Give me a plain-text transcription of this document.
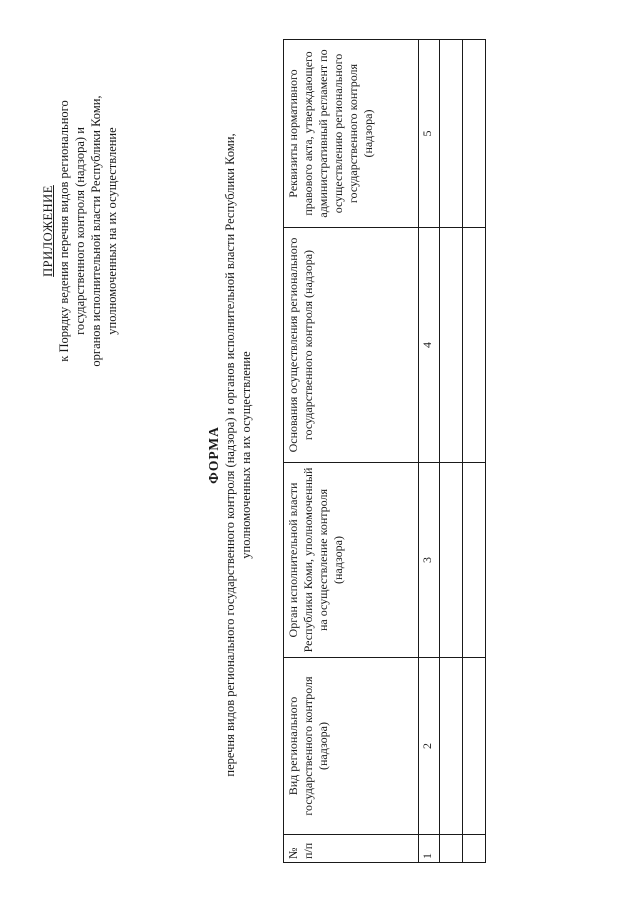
ПРИЛОЖЕНИЕ к Порядку ведения перечня видов регионального государственного контроля (надзора) и органов исполнительной власти Республики Коми, уполномоченных на их осуществление
ФОРМА перечня видов регионального государственного контроля (надзора) и органов исполнительной власти Республики Коми, уполномоченных на их осуществление
№ п/п	Вид регионального государственного контроля (надзора)	Орган исполнительной власти Республики Коми, уполномоченный на осуществление контроля (надзора)	Основания осуществления регионального государственного контроля (надзора)	Реквизиты нормативного правового акта, утверждающего административный регламент по осуществлению регионального государственного контроля (надзора)
1	2	3	4	5
